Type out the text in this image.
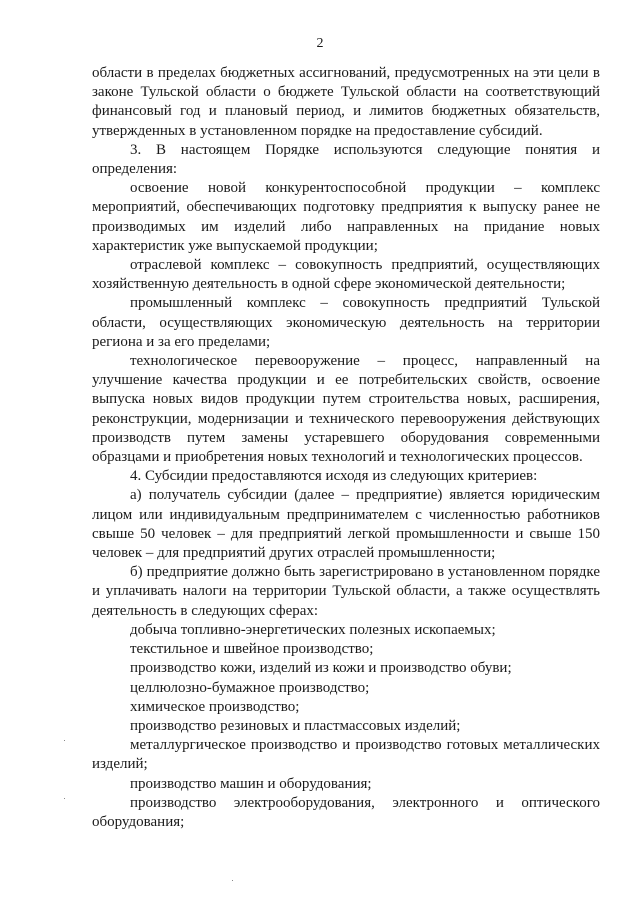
2

области в пределах бюджетных ассигнований, предусмотренных на эти цели в законе Тульской области о бюджете Тульской области на соответствующий финансовый год и плановый период, и лимитов бюджетных обязательств, утвержденных в установленном порядке на предоставление субсидий.

3. В настоящем Порядке используются следующие понятия и определения:

освоение новой конкурентоспособной продукции – комплекс мероприятий, обеспечивающих подготовку предприятия к выпуску ранее не производимых им изделий либо направленных на придание новых характеристик уже выпускаемой продукции;

отраслевой комплекс – совокупность предприятий, осуществляющих хозяйственную деятельность в одной сфере экономической деятельности;

промышленный комплекс – совокупность предприятий Тульской области, осуществляющих экономическую деятельность на территории региона и за его пределами;

технологическое перевооружение – процесс, направленный на улучшение качества продукции и ее потребительских свойств, освоение выпуска новых видов продукции путем строительства новых, расширения, реконструкции, модернизации и технического перевооружения действующих производств путем замены устаревшего оборудования современными образцами и приобретения новых технологий и технологических процессов.

4. Субсидии предоставляются исходя из следующих критериев:

а) получатель субсидии (далее – предприятие) является юридическим лицом или индивидуальным предпринимателем с численностью работников свыше 50 человек – для предприятий легкой промышленности и свыше 150 человек – для предприятий других отраслей промышленности;

б) предприятие должно быть зарегистрировано в установленном порядке и уплачивать налоги на территории Тульской области, а также осуществлять деятельность в следующих сферах:

добыча топливно-энергетических полезных ископаемых;

текстильное и швейное производство;

производство кожи, изделий из кожи и производство обуви;

целлюлозно-бумажное производство;

химическое производство;

производство резиновых и пластмассовых изделий;

металлургическое производство и производство готовых металлических изделий;

производство машин и оборудования;

производство электрооборудования, электронного и оптического оборудования;
